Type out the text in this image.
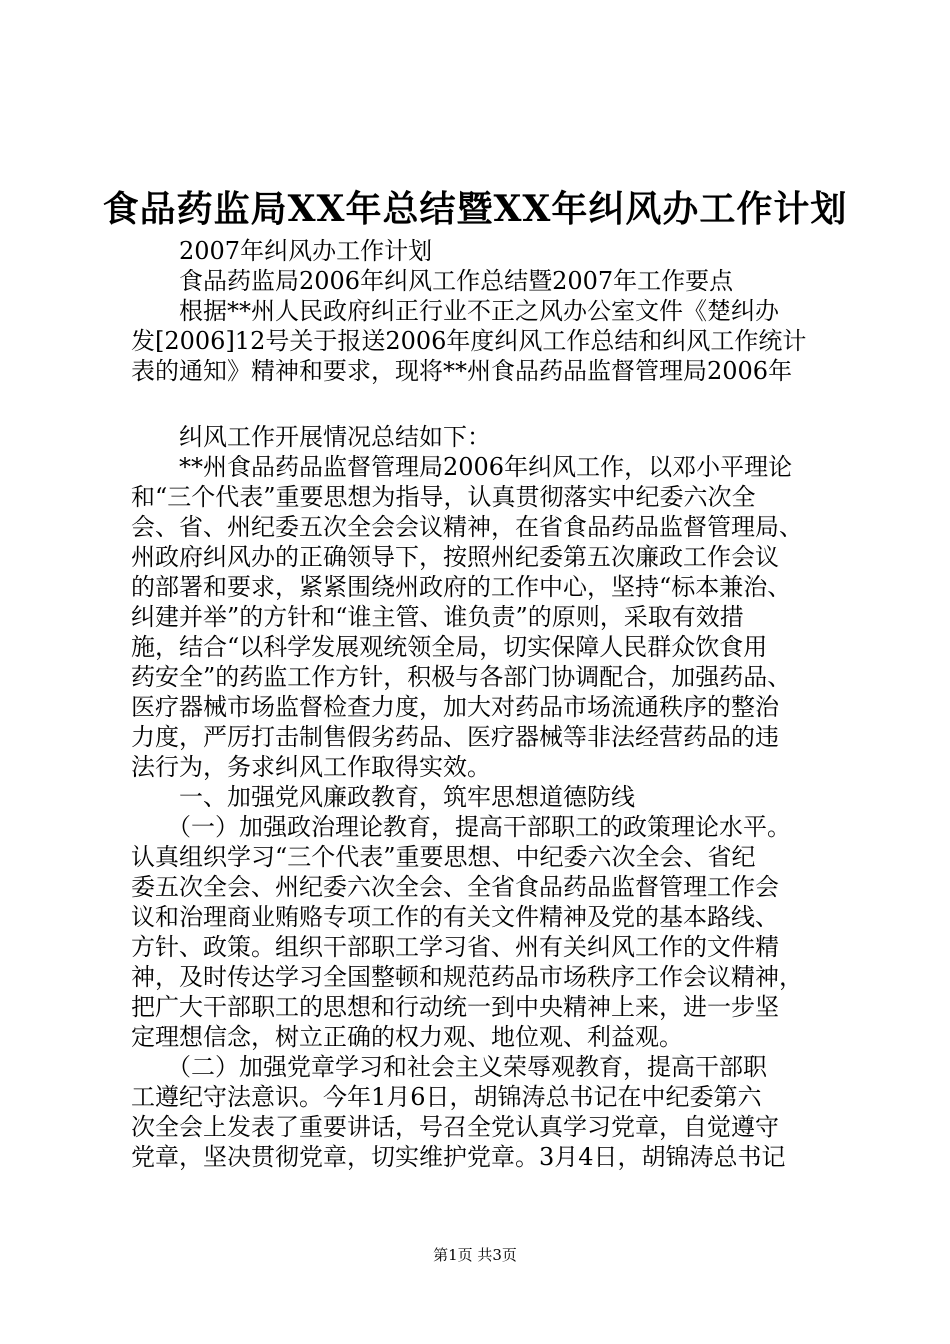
食品药监局XX年总结暨XX年纠风办工作计划
　　2007年纠风办工作计划
　　食品药监局2006年纠风工作总结暨2007年工作要点
　　根据**州人民政府纠正行业不正之风办公室文件《楚纠办
发[2006]12号关于报送2006年度纠风工作总结和纠风工作统计
表的通知》精神和要求，现将**州食品药品监督管理局2006年
　　纠风工作开展情况总结如下：
　　**州食品药品监督管理局2006年纠风工作，以邓小平理论
和“三个代表”重要思想为指导，认真贯彻落实中纪委六次全
会、省、州纪委五次全会会议精神，在省食品药品监督管理局、
州政府纠风办的正确领导下，按照州纪委第五次廉政工作会议
的部署和要求，紧紧围绕州政府的工作中心，坚持“标本兼治、
纠建并举”的方针和“谁主管、谁负责”的原则，采取有效措
施，结合“以科学发展观统领全局，切实保障人民群众饮食用
药安全”的药监工作方针，积极与各部门协调配合，加强药品、
医疗器械市场监督检查力度，加大对药品市场流通秩序的整治
力度，严厉打击制售假劣药品、医疗器械等非法经营药品的违
法行为，务求纠风工作取得实效。
　　一、加强党风廉政教育，筑牢思想道德防线
　　（一）加强政治理论教育，提高干部职工的政策理论水平。
认真组织学习“三个代表”重要思想、中纪委六次全会、省纪
委五次全会、州纪委六次全会、全省食品药品监督管理工作会
议和治理商业贿赂专项工作的有关文件精神及党的基本路线、
方针、政策。组织干部职工学习省、州有关纠风工作的文件精
神，及时传达学习全国整顿和规范药品市场秩序工作会议精神，
把广大干部职工的思想和行动统一到中央精神上来，进一步坚
定理想信念，树立正确的权力观、地位观、利益观。
　　（二）加强党章学习和社会主义荣辱观教育，提高干部职
工遵纪守法意识。今年1月6日，胡锦涛总书记在中纪委第六
次全会上发表了重要讲话，号召全党认真学习党章，自觉遵守
党章，坚决贯彻党章，切实维护党章。3月4日，胡锦涛总书记
第1页 共3页
